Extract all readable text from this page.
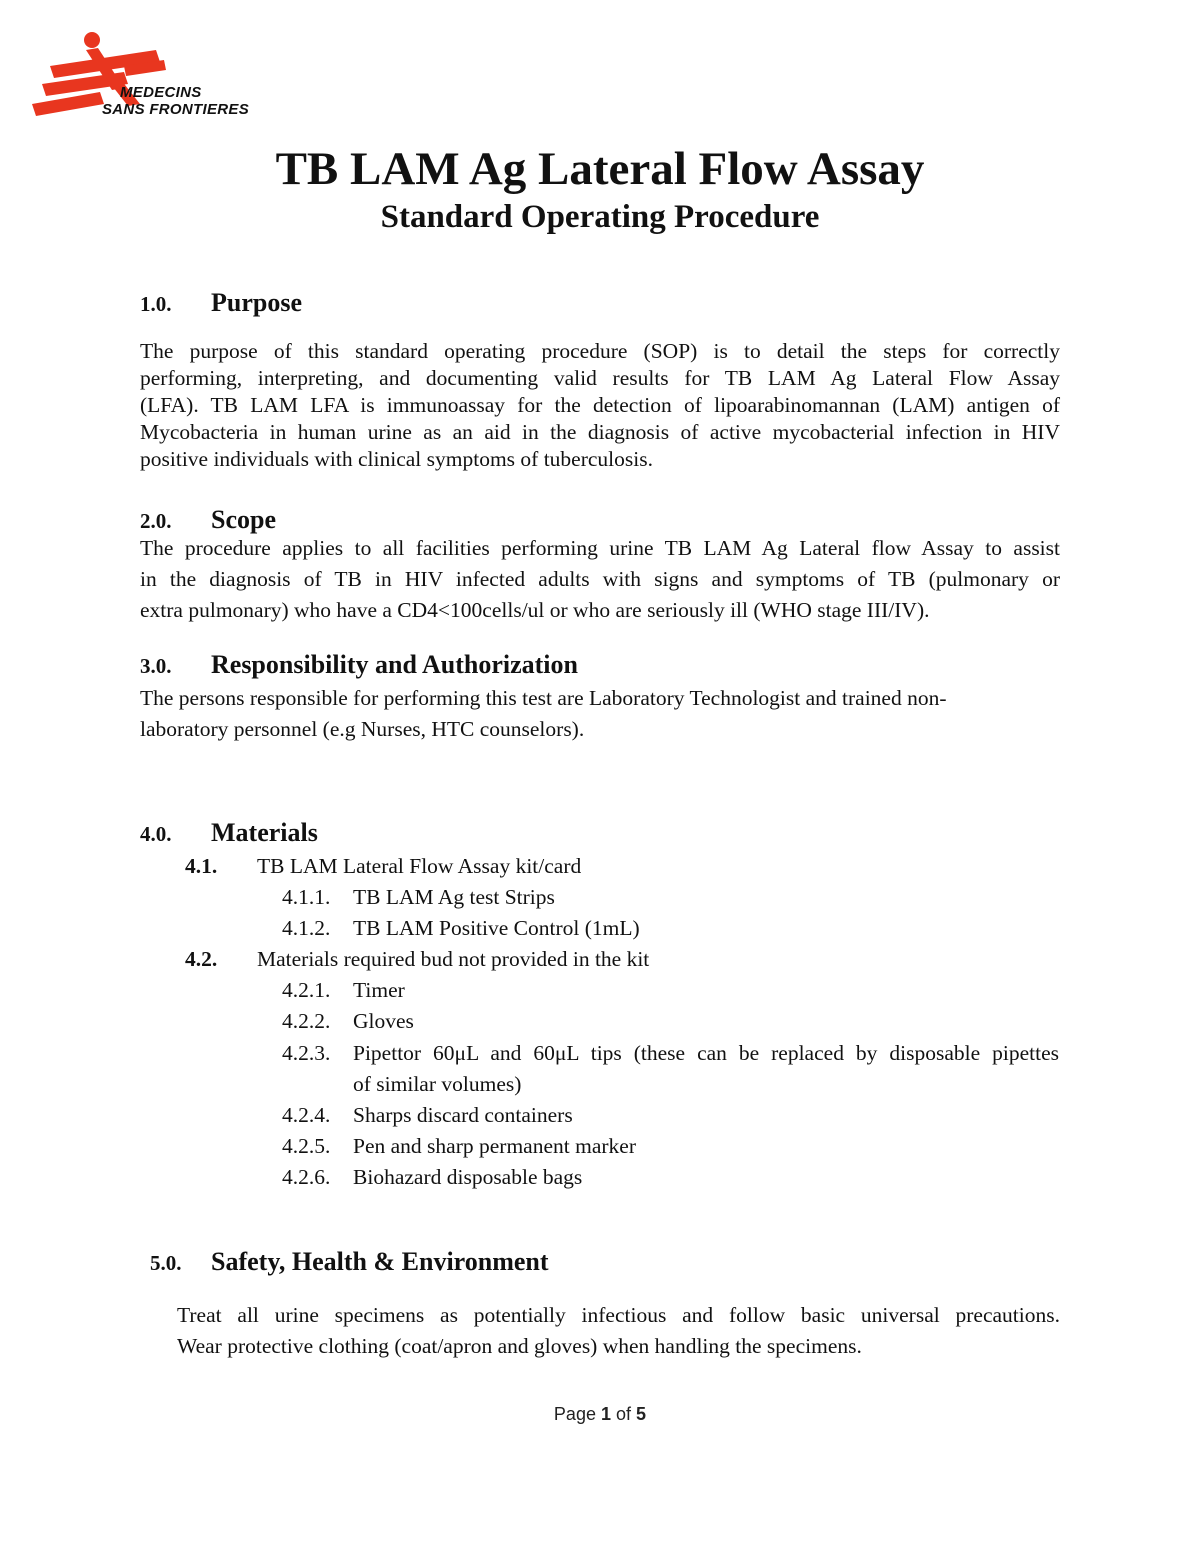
MEDECINS
SANS FRONTIERES
TB LAM Ag Lateral Flow Assay
Standard Operating Procedure
1.0. Purpose
The purpose of this standard operating procedure (SOP) is to detail the steps for correctly
performing, interpreting, and documenting valid results for TB LAM Ag Lateral Flow Assay
(LFA). TB LAM LFA is immunoassay for the detection of lipoarabinomannan (LAM) antigen of
Mycobacteria in human urine as an aid in the diagnosis of active mycobacterial infection in HIV
positive individuals with clinical symptoms of tuberculosis.
2.0. Scope
The procedure applies to all facilities performing urine TB LAM Ag Lateral flow Assay to assist
in the diagnosis of TB in HIV infected adults with signs and symptoms of TB (pulmonary or
extra pulmonary) who have a CD4<100cells/ul or who are seriously ill (WHO stage III/IV).
3.0. Responsibility and Authorization
The persons responsible for performing this test are Laboratory Technologist and trained non-
laboratory personnel (e.g Nurses, HTC counselors).
4.0. Materials
4.1. TB LAM Lateral Flow Assay kit/card
4.1.1. TB LAM Ag test Strips
4.1.2. TB LAM Positive Control (1mL)
4.2. Materials required bud not provided in the kit
4.2.1. Timer
4.2.2. Gloves
4.2.3. Pipettor 60μL and 60μL tips (these can be replaced by disposable pipettes
of similar volumes)
4.2.4. Sharps discard containers
4.2.5. Pen and sharp permanent marker
4.2.6. Biohazard disposable bags
5.0. Safety, Health & Environment
Treat all urine specimens as potentially infectious and follow basic universal precautions.
Wear protective clothing (coat/apron and gloves) when handling the specimens.
Page 1 of 5
